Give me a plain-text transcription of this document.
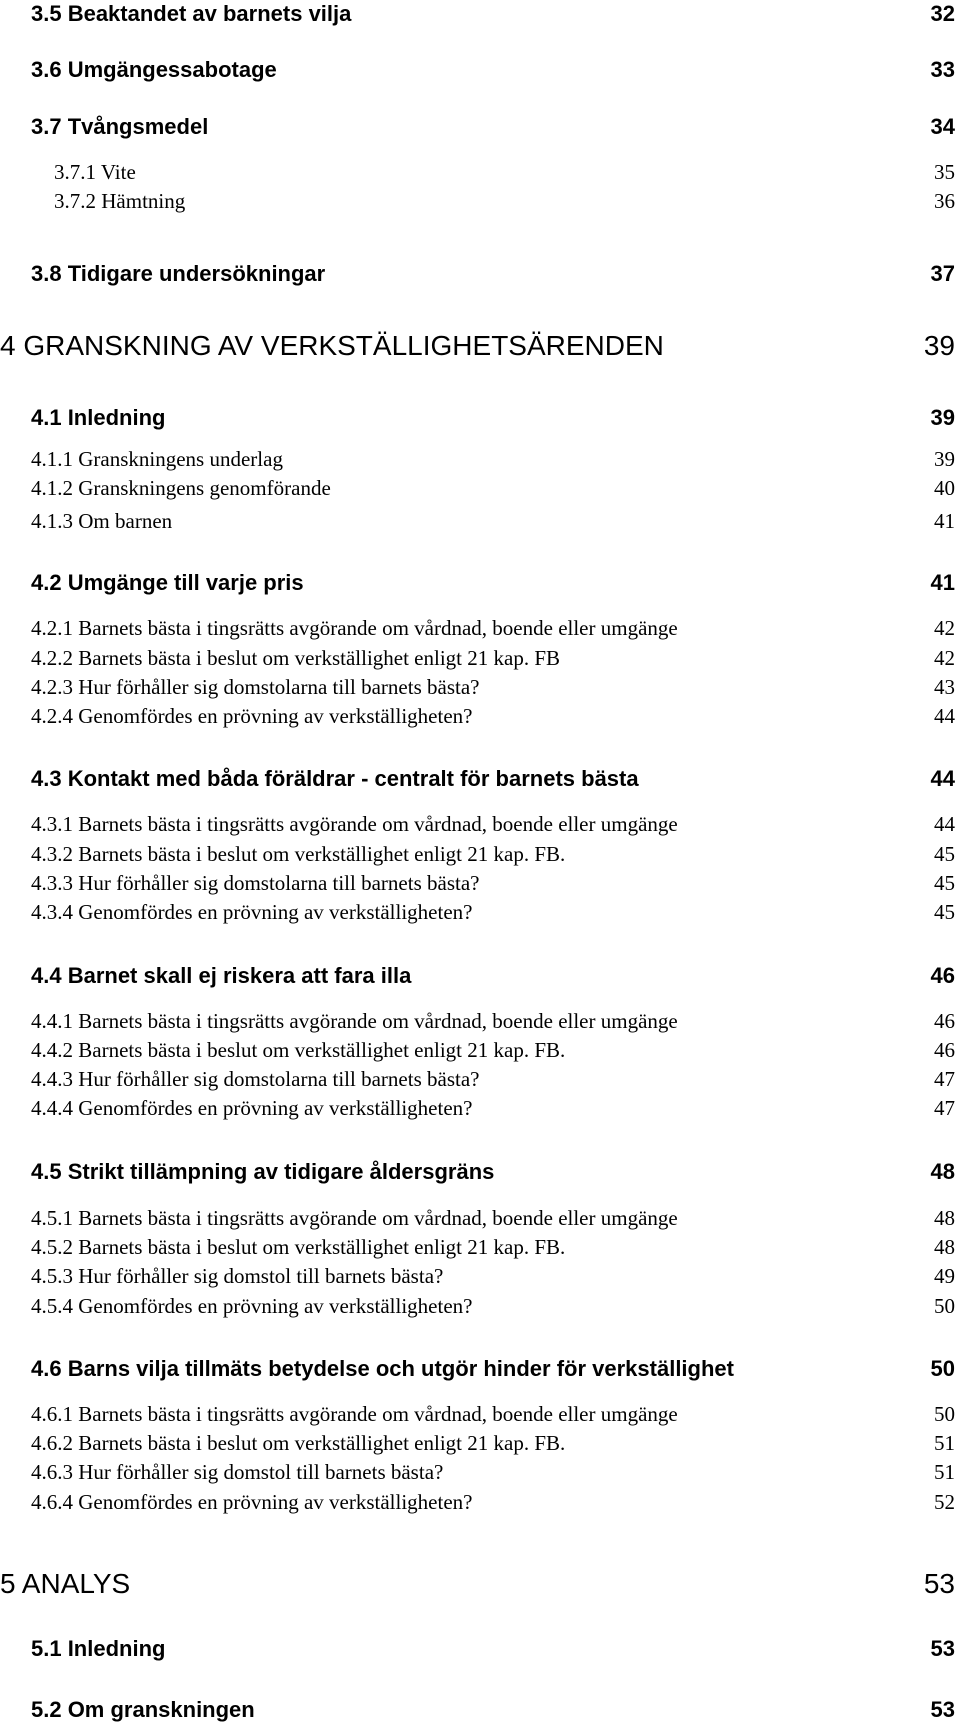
3.5 Beaktandet av barnets vilja	32
3.6 Umgängessabotage	33
3.7 Tvångsmedel	34
3.7.1 Vite	35
3.7.2 Hämtning	36
3.8 Tidigare undersökningar	37
4 GRANSKNING AV VERKSTÄLLIGHETSÄRENDEN	39
4.1 Inledning	39
4.1.1 Granskningens underlag	39
4.1.2 Granskningens genomförande	40
4.1.3 Om barnen	41
4.2 Umgänge till varje pris	41
4.2.1 Barnets bästa i tingsrätts avgörande om vårdnad, boende eller umgänge	42
4.2.2 Barnets bästa i beslut om verkställighet enligt 21 kap. FB	42
4.2.3 Hur förhåller sig domstolarna till barnets bästa?	43
4.2.4 Genomfördes en prövning av verkställigheten?	44
4.3 Kontakt med båda föräldrar - centralt för barnets bästa	44
4.3.1 Barnets bästa i tingsrätts avgörande om vårdnad, boende eller umgänge	44
4.3.2 Barnets bästa i beslut om verkställighet enligt 21 kap. FB.	45
4.3.3 Hur förhåller sig domstolarna till barnets bästa?	45
4.3.4 Genomfördes en prövning av verkställigheten?	45
4.4 Barnet skall ej riskera att fara illa	46
4.4.1 Barnets bästa i tingsrätts avgörande om vårdnad, boende eller umgänge	46
4.4.2 Barnets bästa i beslut om verkställighet enligt 21 kap. FB.	46
4.4.3 Hur förhåller sig domstolarna till barnets bästa?	47
4.4.4 Genomfördes en prövning av verkställigheten?	47
4.5 Strikt tillämpning av tidigare åldersgräns	48
4.5.1 Barnets bästa i tingsrätts avgörande om vårdnad, boende eller umgänge	48
4.5.2 Barnets bästa i beslut om verkställighet enligt 21 kap. FB.	48
4.5.3 Hur förhåller sig domstol till barnets bästa?	49
4.5.4 Genomfördes en prövning av verkställigheten?	50
4.6 Barns vilja tillmäts betydelse och utgör hinder för verkställighet	50
4.6.1 Barnets bästa i tingsrätts avgörande om vårdnad, boende eller umgänge	50
4.6.2 Barnets bästa i beslut om verkställighet enligt 21 kap. FB.	51
4.6.3 Hur förhåller sig domstol till barnets bästa?	51
4.6.4 Genomfördes en prövning av verkställigheten?	52
5 ANALYS	53
5.1 Inledning	53
5.2 Om granskningen	53
